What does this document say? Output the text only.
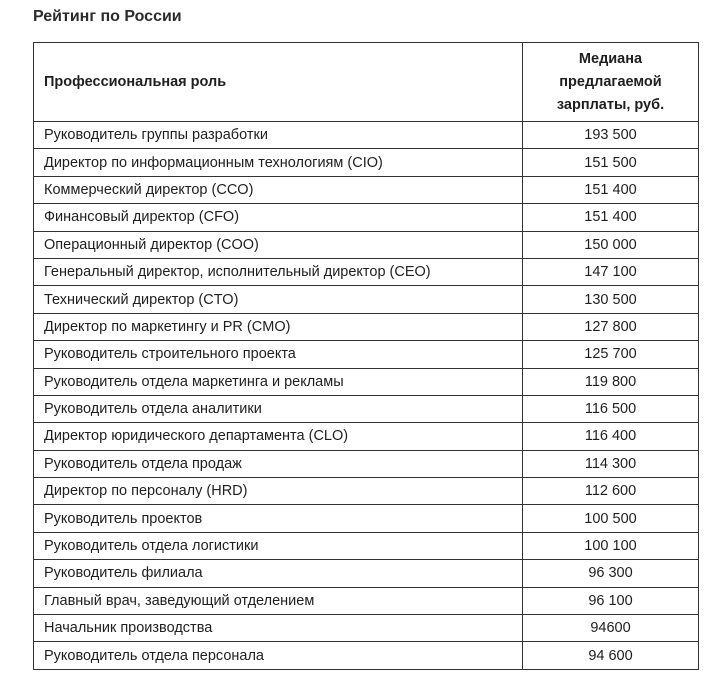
Рейтинг по России
Профессиональная роль	Медиана
предлагаемой
зарплаты, руб.

Руководитель группы разработки	193 500
Директор по информационным технологиям (CIO)	151 500
Коммерческий директор (CCO)	151 400
Финансовый директор (CFO)	151 400
Операционный директор (COO)	150 000
Генеральный директор, исполнительный директор (CEO)	147 100
Технический директор (CTO)	130 500
Директор по маркетингу и PR (CMO)	127 800
Руководитель строительного проекта	125 700
Руководитель отдела маркетинга и рекламы	119 800
Руководитель отдела аналитики	116 500
Директор юридического департамента (CLO)	116 400
Руководитель отдела продаж	114 300
Директор по персоналу (HRD)	112 600
Руководитель проектов	100 500
Руководитель отдела логистики	100 100
Руководитель филиала	96 300
Главный врач, заведующий отделением	96 100
Начальник производства	94600
Руководитель отдела персонала	94 600
